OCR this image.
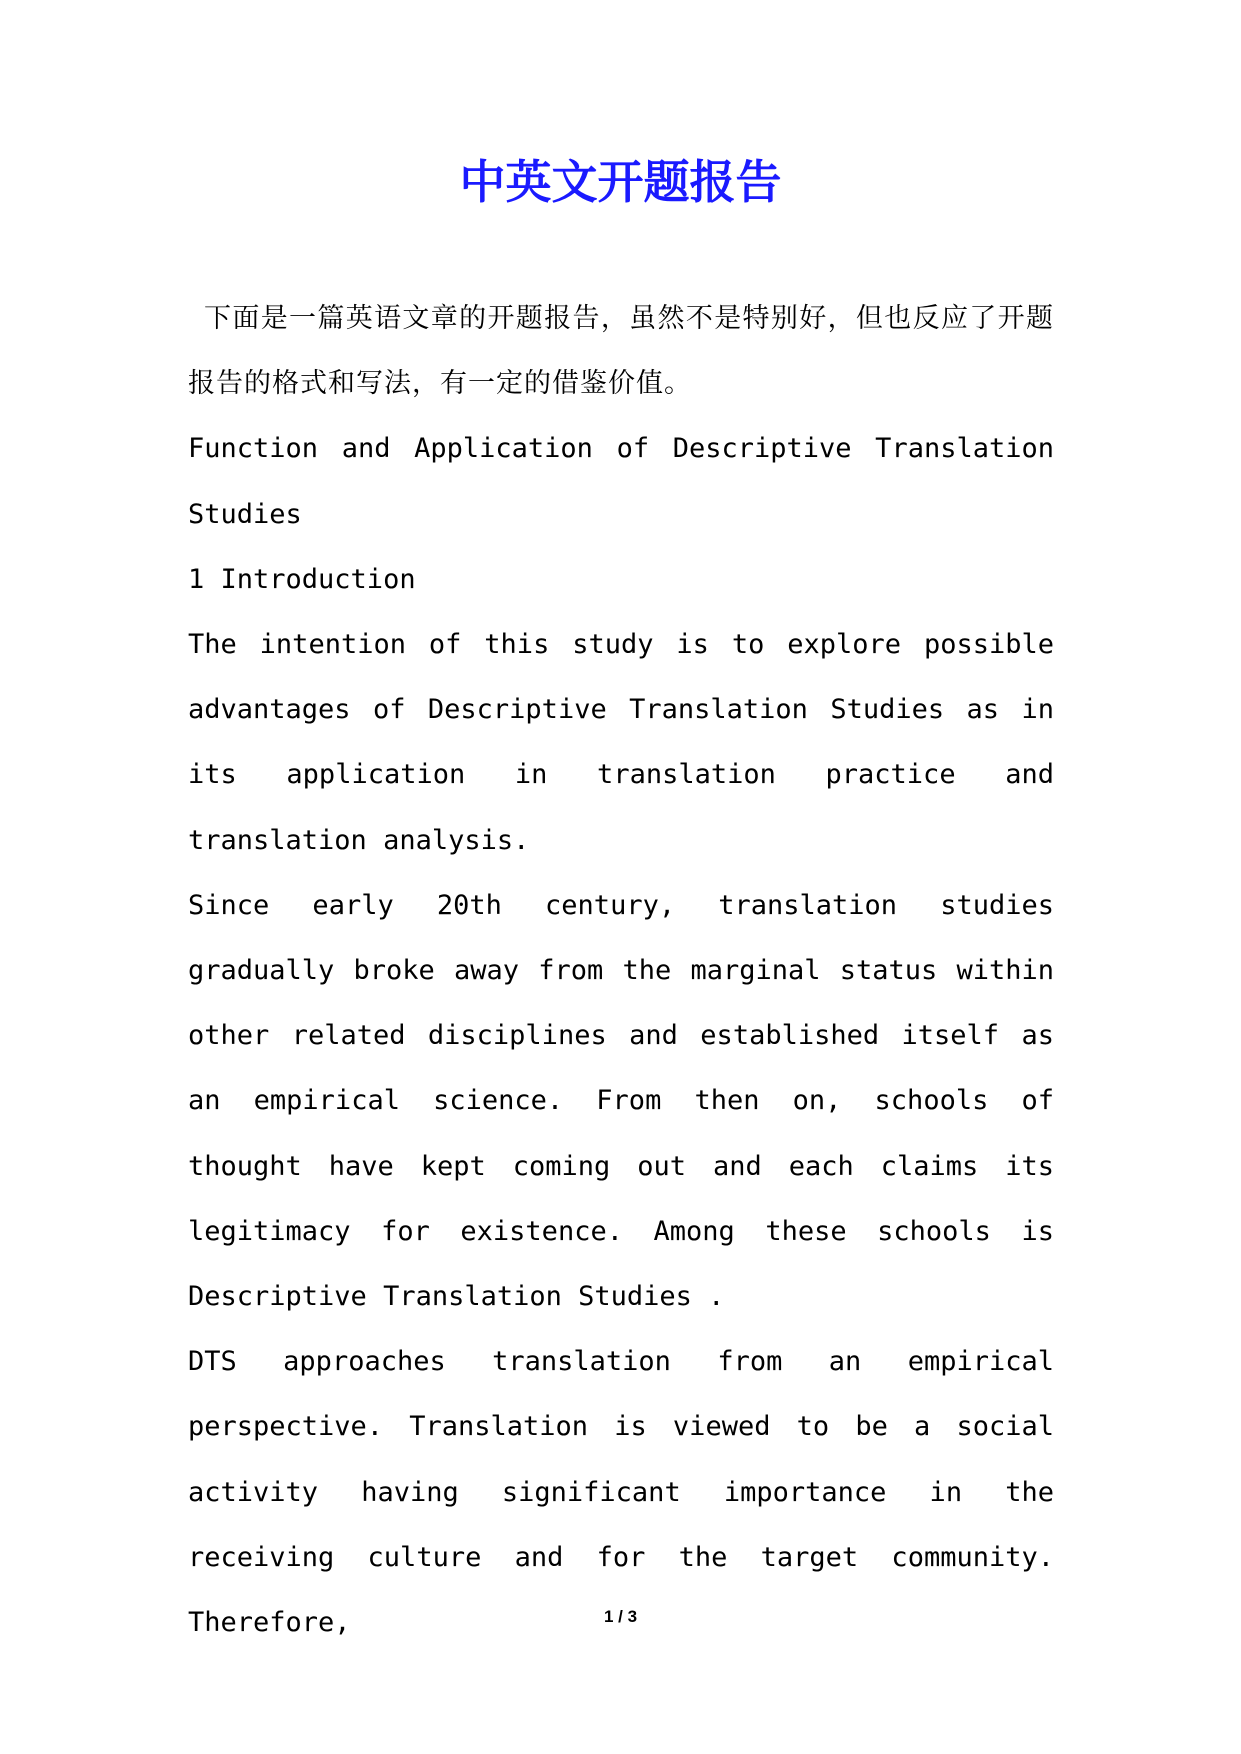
中英文开题报告

下面是一篇英语文章的开题报告，虽然不是特别好，但也反应了开题报告的格式和写法，有一定的借鉴价值。

Function and Application of Descriptive Translation Studies

1 Introduction

The intention of this study is to explore possible advantages of Descriptive Translation Studies as in its application in translation practice and translation analysis.

Since early 20th century, translation studies gradually broke away from the marginal status within other related disciplines and established itself as an empirical science. From then on, schools of thought have kept coming out and each claims its legitimacy for existence. Among these schools is Descriptive Translation Studies .

DTS approaches translation from an empirical perspective. Translation is viewed to be a social activity having significant importance in the receiving culture and for the target community. Therefore,	1 / 3
